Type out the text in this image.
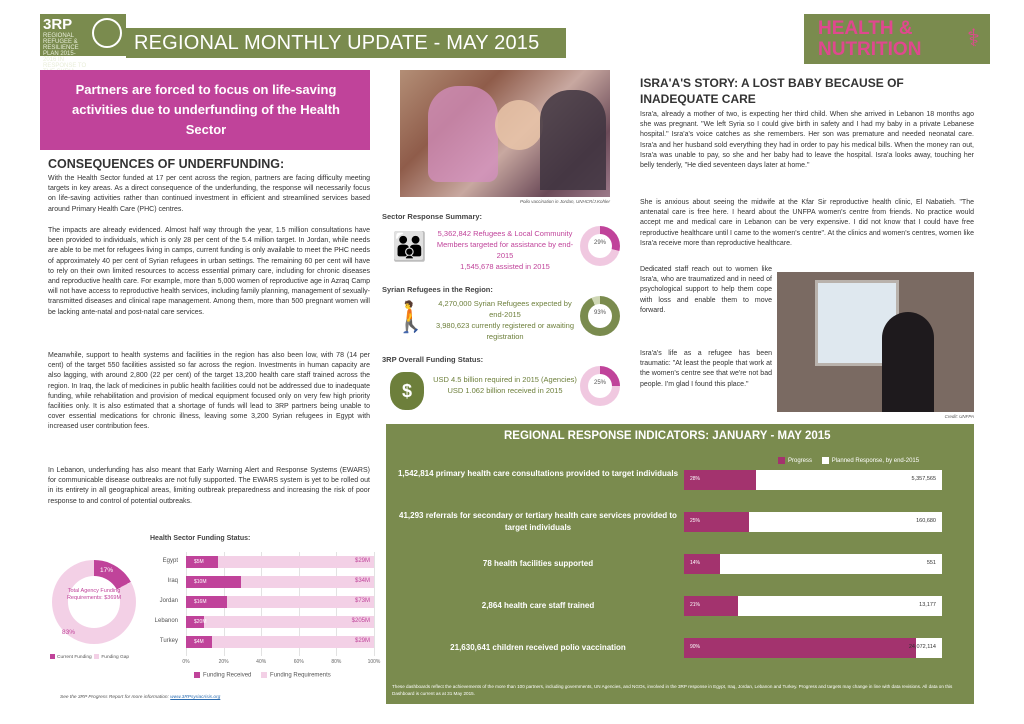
3RP
REGIONAL REFUGEE & RESILIENCE PLAN 2015-2016 IN RESPONSE TO
REGIONAL MONTHLY UPDATE - MAY 2015
HEALTH & NUTRITION	⚕

Partners are forced to focus on life-saving activities due to underfunding of the Health Sector

CONSEQUENCES OF UNDERFUNDING:
With the Health Sector funded at 17 per cent across the region, partners are facing difficulty meeting targets in key areas. As a direct consequence of the underfunding, the response will necessarily focus on life-saving activities rather than continued investment in efficient and streamlined services based around Primary Health Care (PHC) centres.
The impacts are already evidenced. Almost half way through the year, 1.5 million consultations have been provided to individuals, which is only 28 per cent of the 5.4 million target. In Jordan, while needs are able to be met for refugees living in camps, current funding is only available to meet the PHC needs of approximately 40 per cent of Syrian refugees in urban settings. The remaining 60 per cent will have to rely on their own limited resources to access essential primary care, including for chronic diseases and reproductive health care. For example, more than 5,000 women of reproductive age in Azraq Camp will not have access to reproductive health services, including family planning, management of sexually-transmitted diseases and clinical rape management. Among them, more than 500 pregnant women will be lacking ante-natal and post-natal care services.
Meanwhile, support to health systems and facilities in the region has also been low, with 78 (14 per cent) of the target 550 facilities assisted so far across the region. Investments in human capacity are also lagging, with around 2,800 (22 per cent) of the target 13,200 health care staff trained across the region. In Iraq, the lack of medicines in public health facilities could not be addressed due to inadequate funding, while rehabilitation and provision of medical equipment focused only on very few high priority facilities only. It is also estimated that a shortage of funds will lead to 3RP partners being unable to cover essential medications for chronic illness, leaving some 3,200 Syrian refugees in Egypt with increased user contribution fees.
In Lebanon, underfunding has also meant that Early Warning Alert and Response Systems (EWARS) for communicable disease outbreaks are not fully supported. The EWARS system is yet to be rolled out in its entirety in all geographical areas, limiting outbreak preparedness and increasing the risk of poor response to and control of potential outbreaks.
Polio vaccination in Jordan, UNHCR/J.Kohler
Sector Response Summary:
👪	5,362,842 Refugees & Local Community Members targeted for assistance by end-2015
1,545,678 assisted in 2015
29%
Syrian Refugees in the Region:
🚶	4,270,000 Syrian Refugees expected by end-2015
3,980,623 currently registered or awaiting registration
93%
3RP Overall Funding Status:
$
USD 4.5 billion required in 2015 (Agencies)
USD 1.062 billion received in 2015
25%
ISRA'A'S STORY: A LOST BABY BECAUSE OF INADEQUATE CARE
Isra'a, already a mother of two, is expecting her third child. When she arrived in Lebanon 18 months ago she was pregnant. "We left Syria so I could give birth in safety and I had my baby in a private Lebanese hospital." Isra'a's voice catches as she remembers. Her son was premature and needed neonatal care. Isra'a and her husband sold everything they had in order to pay his medical bills. When the money ran out, Isra'a was unable to pay, so she and her baby had to leave the hospital. Isra'a looks away, touching her belly tenderly, "He died seventeen days later at home."
She is anxious about seeing the midwife at the Kfar Sir reproductive health clinic, El Nabatieh. "The antenatal care is free here. I heard about the UNFPA women's centre from friends. No practice would accept me and medical care in Lebanon can be very expensive. I did not know that I could have free reproductive healthcare until I came to the women's centre". At the clinics and women's centres, women like Isra'a receive more than reproductive healthcare.
Dedicated staff reach out to women like Isra'a, who are traumatized and in need of psychological support to help them cope with loss and enable them to move forward.
Isra'a's life as a refugee has been traumatic: "At least the people that work at the women's centre see that we're not bad people. I'm glad I found this place."
Credit: UNFPA
REGIONAL RESPONSE INDICATORS: JANUARY - MAY 2015
Progress	Planned Response, by end-2015
1,542,814 primary health care consultations provided to target individuals
28%	5,357,565
41,293 referrals for secondary or tertiary health care services provided to target individuals
25%	160,680
78 health facilities supported	14%	551
2,864 health care staff trained	21%	13,177
21,630,641 children received polio vaccination	90%	24,072,114
These dashboards reflect the achievements of the more than 100 partners, including governments, UN Agencies, and NGOs, involved in the 3RP response in Egypt, Iraq, Jordan, Lebanon and Turkey. Progress and targets may change in line with data revisions. All data on this Dashboard is current as at 31 May 2015.
Health Sector Funding Status:
Total Agency Funding Requirements: $369M
17%
83%
Current Funding Funding Gap
0%	20%	40%	60%	80%	100%
Egypt	$5M	$29M
Iraq	$10M	$34M
Jordan	$16M	$73M
Lebanon	$20M	$205M
Turkey	$4M	$29M
Funding Received	Funding Requirements
See the 3RP Progress Report for more information: www.3RPsyriacrisis.org
